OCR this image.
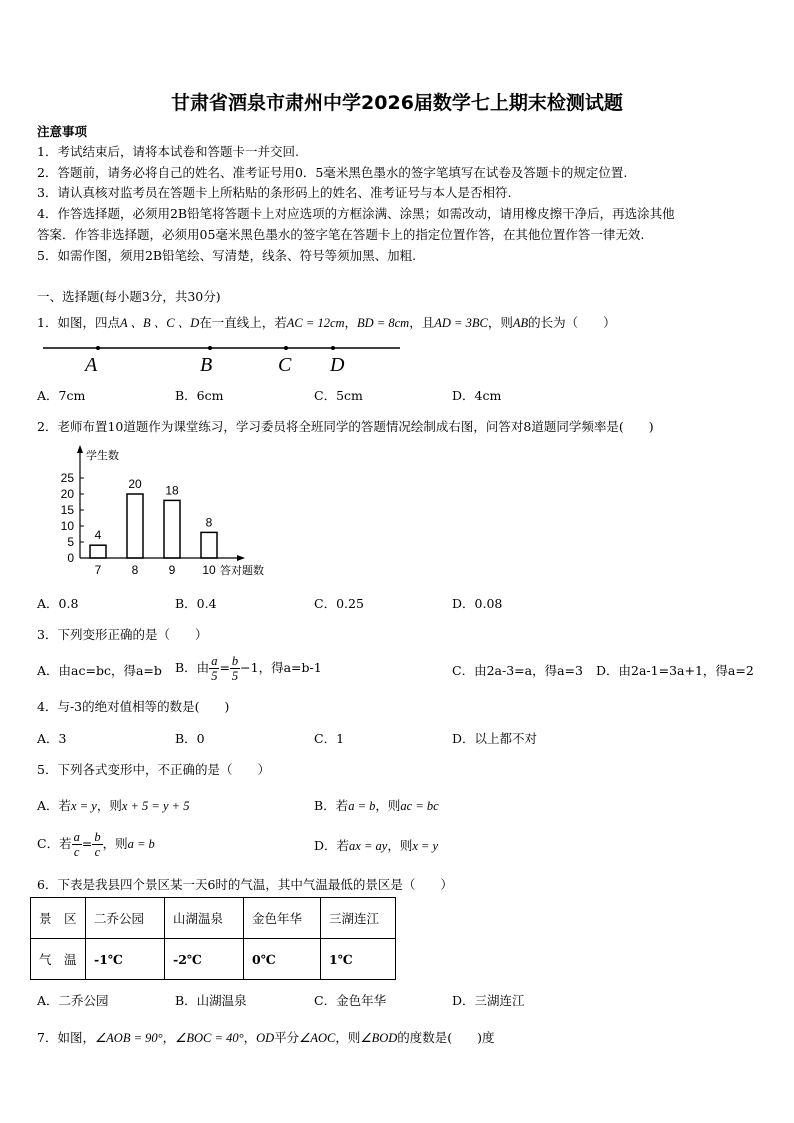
甘肃省酒泉市肃州中学2026届数学七上期末检测试题
注意事项
1．考试结束后，请将本试卷和答题卡一并交回.
2．答题前，请务必将自己的姓名、准考证号用0．5毫米黑色墨水的签字笔填写在试卷及答题卡的规定位置.
3．请认真核对监考员在答题卡上所粘贴的条形码上的姓名、准考证号与本人是否相符.
4．作答选择题，必须用2B铅笔将答题卡上对应选项的方框涂满、涂黑；如需改动，请用橡皮擦干净后，再选涂其他
答案．作答非选择题，必须用05毫米黑色墨水的签字笔在答题卡上的指定位置作答，在其他位置作答一律无效.
5．如需作图，须用2B铅笔绘、写清楚，线条、符号等须加黑、加粗.
一、选择题(每小题3分，共30分)
1．如图，四点A 、B 、C 、D在一直线上，若AC = 12cm，BD = 8cm，且AD = 3BC，则AB的长为（　　）
A	B	C D
A．7cm	B．6cm	C．5cm	D．4cm
2．老师布置10道题作为课堂练习，学习委员将全班同学的答题情况绘制成右图，问答对8道题同学频率是(　　)
0
5
10
15
20
25
学生数
答对题数
4
7
20
8
18
9
8
10
A．0.8	B．0.4	C．0.25	D．0.08
3．下列变形正确的是（　　）
A．由ac=bc，得a=b B．由 $\frac{a}{5} = \frac{b}{5} -1$，得a=b-1	C．由2a-3=a，得a=3 D．由2a-1=3a+1，得a=2
4．与-3的绝对值相等的数是(　　)
A．3	B．0	C．1	D．以上都不对
5．下列各式变形中，不正确的是（　　）
A．若x = y，则x + 5 = y + 5	B．若a = b，则ac = bc
C．若 $\frac{a}{c} = \frac{b}{c}$ ，则a = b	D．若ax = ay，则x = y
6．下表是我县四个景区某一天6时的气温，其中气温最低的景区是（　　）
景　区	二乔公园	山湖温泉	金色年华	三湖连江
气　温	-1℃	-2℃	0℃	1℃
A．二乔公园	B．山湖温泉	C．金色年华	D．三湖连江
7．如图，∠AOB = 90°，∠BOC = 40°，OD平分∠AOC，则∠BOD的度数是(　　)度
